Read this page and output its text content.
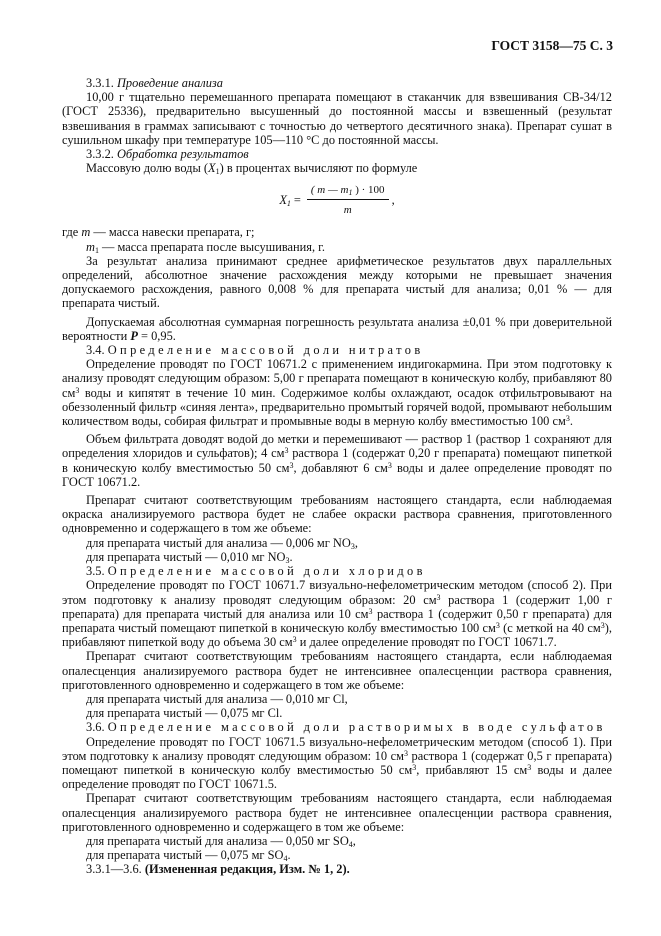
ГОСТ 3158—75 С. 3

3.3.1. Проведение анализа

10,00 г тщательно перемешанного препарата помещают в стаканчик для взвешивания СВ-34/12 (ГОСТ 25336), предварительно высушенный до постоянной массы и взвешенный (результат взвешивания в граммах записывают с точностью до четвертого десятичного знака). Препарат сушат в сушильном шкафу при температуре 105—110 °С до постоянной массы.

3.3.2. Обработка результатов

Массовую долю воды $(X_1)$ в процентах вычисляют по формуле

$X_1 = \frac{( m — m_1 ) \cdot 100}{m}$ ,

где m — масса навески препарата, г;

$m_1$ — масса препарата после высушивания, г.

За результат анализа принимают среднее арифметическое результатов двух параллельных определений, абсолютное значение расхождения между которыми не превышает значения допускаемого расхождения, равного 0,008 % для препарата чистый для анализа; 0,01 % — для препарата чистый.

Допускаемая абсолютная суммарная погрешность результата анализа ±0,01 % при доверительной вероятности P = 0,95.

3.4. Определение массовой доли нитратов

Определение проводят по ГОСТ 10671.2 с применением индигокармина. При этом подготовку к анализу проводят следующим образом: 5,00 г препарата помещают в коническую колбу, прибавляют 80 $см^3$ воды и кипятят в течение 10 мин. Содержимое колбы охлаждают, осадок отфильтровывают на обеззоленный фильтр «синяя лента», предварительно промытый горячей водой, промывают небольшим количеством воды, собирая фильтрат и промывные воды в мерную колбу вместимостью 100 $см^3$.

Объем фильтрата доводят водой до метки и перемешивают — раствор 1 (раствор 1 сохраняют для определения хлоридов и сульфатов); 4 $см^3$ раствора 1 (содержат 0,20 г препарата) помещают пипеткой в коническую колбу вместимостью 50 $см^3$, добавляют 6 $см^3$ воды и далее определение проводят по ГОСТ 10671.2.

Препарат считают соответствующим требованиям настоящего стандарта, если наблюдаемая окраска анализируемого раствора будет не слабее окраски раствора сравнения, приготовленного одновременно и содержащего в том же объеме:

для препарата чистый для анализа — 0,006 мг $NO_3$,

для препарата чистый — 0,010 мг $NO_3$.

3.5. Определение массовой доли хлоридов

Определение проводят по ГОСТ 10671.7 визуально-нефелометрическим методом (способ 2). При этом подготовку к анализу проводят следующим образом: 20 $см^3$ раствора 1 (содержит 1,00 г препарата) для препарата чистый для анализа или 10 $см^3$ раствора 1 (содержит 0,50 г препарата) для препарата чистый помещают пипеткой в коническую колбу вместимостью 100 $см^3$ (с меткой на 40 $см^3$), прибавляют пипеткой воду до объема 30 $см^3$ и далее определение проводят по ГОСТ 10671.7.

Препарат считают соответствующим требованиям настоящего стандарта, если наблюдаемая опалесценция анализируемого раствора будет не интенсивнее опалесценции раствора сравнения, приготовленного одновременно и содержащего в том же объеме:

для препарата чистый для анализа — 0,010 мг Cl,

для препарата чистый — 0,075 мг Cl.

3.6. Определение массовой доли растворимых в воде сульфатов

Определение проводят по ГОСТ 10671.5 визуально-нефелометрическим методом (способ 1). При этом подготовку к анализу проводят следующим образом: 10 $см^3$ раствора 1 (содержат 0,5 г препарата) помещают пипеткой в коническую колбу вместимостью 50 $см^3$, прибавляют 15 $см^3$ воды и далее определение проводят по ГОСТ 10671.5.

Препарат считают соответствующим требованиям настоящего стандарта, если наблюдаемая опалесценция анализируемого раствора будет не интенсивнее опалесценции раствора сравнения, приготовленного одновременно и содержащего в том же объеме:

для препарата чистый для анализа — 0,050 мг $SO_4$,

для препарата чистый — 0,075 мг $SO_4$.

3.3.1—3.6. (Измененная редакция, Изм. № 1, 2).
